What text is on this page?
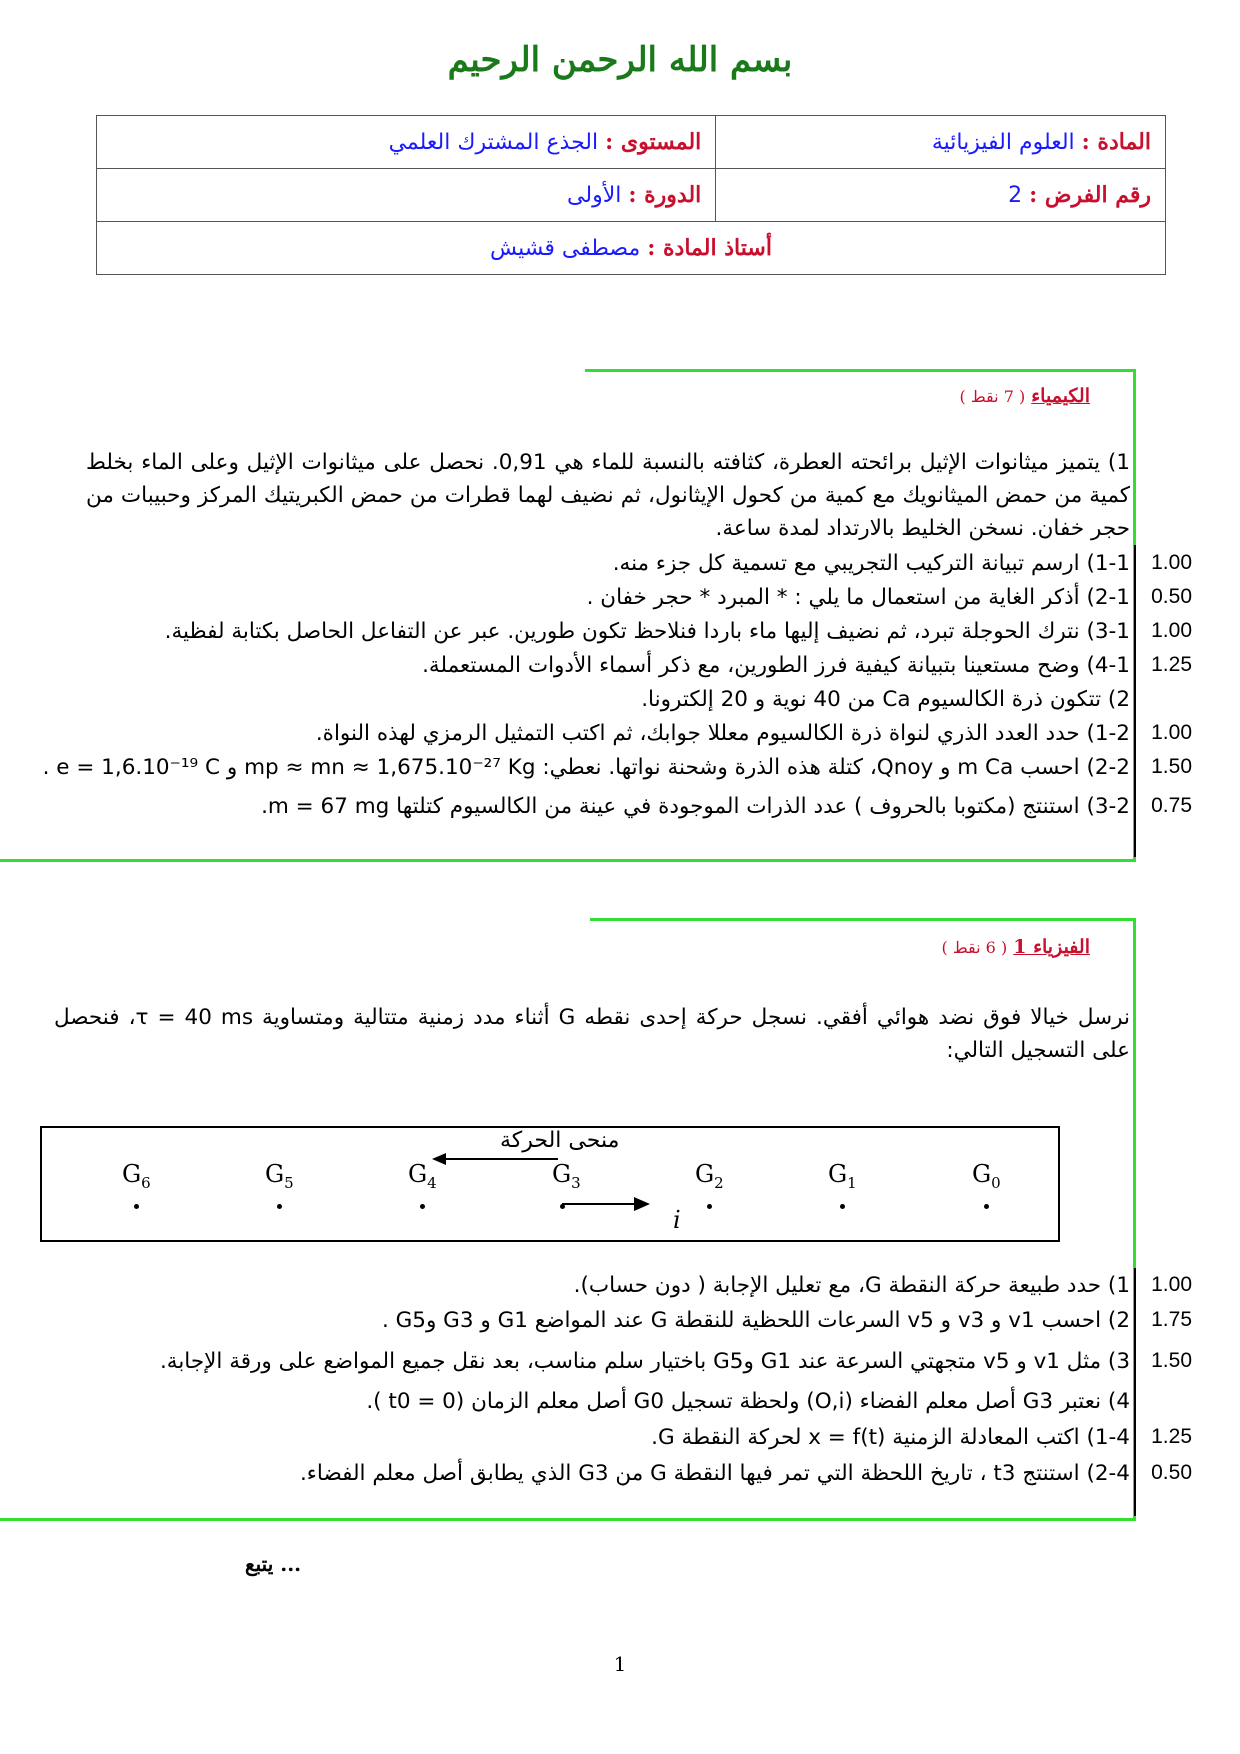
بسم الله الرحمن الرحيم
المادة : العلوم الفيزيائية	المستوى : الجذع المشترك العلمي
رقم الفرض : 2	الدورة : الأولى
أستاذ المادة : مصطفى قشيش	
الكيمياء ( 7 نقط )
1) يتميز ميثانوات الإثيل برائحته العطرة، كثافته بالنسبة للماء هي 0,91. نحصل على ميثانوات الإثيل وعلى الماء بخلط كمية من حمض الميثانويك مع كمية من كحول الإيثانول، ثم نضيف لهما قطرات من حمض الكبريتيك المركز وحبيبات من حجر خفان. نسخن الخليط بالارتداد لمدة ساعة.
1-1) ارسم تبيانة التركيب التجريبي مع تسمية كل جزء منه.	1.00
2-1) أذكر الغاية من استعمال ما يلي : * المبرد * حجر خفان .	0.50
3-1) نترك الحوجلة تبرد، ثم نضيف إليها ماء باردا فنلاحظ تكون طورين. عبر عن التفاعل الحاصل بكتابة لفظية.	1.00
4-1) وضح مستعينا بتبيانة كيفية فرز الطورين، مع ذكر أسماء الأدوات المستعملة.	1.25
2) تتكون ذرة الكالسيوم Ca من 40 نوية و 20 إلكترونا.
1-2) حدد العدد الذري لنواة ذرة الكالسيوم معللا جوابك، ثم اكتب التمثيل الرمزي لهذه النواة.	1.00
2-2) احسب m Ca و Qnoy، كتلة هذه الذرة وشحنة نواتها. نعطي: mp ≈ mn ≈ 1,675.10⁻²⁷ Kg و e = 1,6.10⁻¹⁹ C .	1.50
3-2) استنتج (مكتوبا بالحروف ) عدد الذرات الموجودة في عينة من الكالسيوم كتلتها m = 67 mg.	0.75
الفيزياء 1 ( 6 نقط )
نرسل خيالا فوق نضد هوائي أفقي. نسجل حركة إحدى نقطه G أثناء مدد زمنية متتالية ومتساوية τ = 40 ms، فنحصل على التسجيل التالي:
منحى الحركة
i
$G_6$	$G_5$	$G_4$	$G_3$	$G_2$	$G_1$	$G_0$
1) حدد طبيعة حركة النقطة G، مع تعليل الإجابة ( دون حساب).	1.00
2) احسب v1 و v3 و v5 السرعات اللحظية للنقطة G عند المواضع G1 و G3 وG5 .	1.75
3) مثل v1 و v5 متجهتي السرعة عند G1 وG5 باختيار سلم مناسب، بعد نقل جميع المواضع على ورقة الإجابة.	1.50
4) نعتبر G3 أصل معلم الفضاء (O,i) ولحظة تسجيل G0 أصل معلم الزمان (t0 = 0 ).
1-4) اكتب المعادلة الزمنية x = f(t) لحركة النقطة G.	1.25
2-4) استنتج t3 ، تاريخ اللحظة التي تمر فيها النقطة G من G3 الذي يطابق أصل معلم الفضاء.	0.50
يتبع ...
1
